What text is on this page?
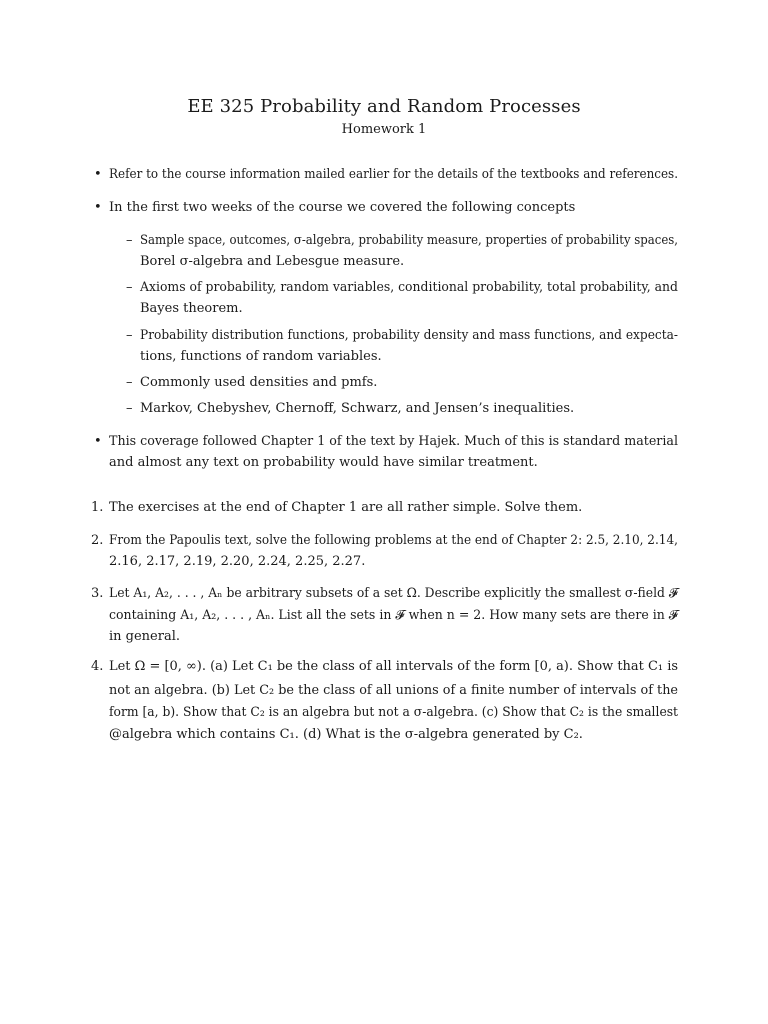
EE 325 Probability and Random Processes
Homework 1
• Refer to the course information mailed earlier for the details of the textbooks and references.
• In the first two weeks of the course we covered the following concepts
– Sample space, outcomes, σ-algebra, probability measure, properties of probability spaces,
Borel σ-algebra and Lebesgue measure.
– Axioms of probability, random variables, conditional probability, total probability, and
Bayes theorem.
– Probability distribution functions, probability density and mass functions, and expecta-
tions, functions of random variables.
– Commonly used densities and pmfs.
– Markov, Chebyshev, Chernoff, Schwarz, and Jensen’s inequalities.
• This coverage followed Chapter 1 of the text by Hajek. Much of this is standard material
and almost any text on probability would have similar treatment.
1. The exercises at the end of Chapter 1 are all rather simple. Solve them.
2. From the Papoulis text, solve the following problems at the end of Chapter 2: 2.5, 2.10, 2.14,
2.16, 2.17, 2.19, 2.20, 2.24, 2.25, 2.27.
3. Let A₁, A₂, . . . , Aₙ be arbitrary subsets of a set Ω. Describe explicitly the smallest σ-field 𝓕
containing A₁, A₂, . . . , Aₙ. List all the sets in 𝓕 when n = 2. How many sets are there in 𝓕
in general.
4. Let Ω = [0, ∞). (a) Let C₁ be the class of all intervals of the form [0, a). Show that C₁ is
not an algebra. (b) Let C₂ be the class of all unions of a finite number of intervals of the
form [a, b). Show that C₂ is an algebra but not a σ-algebra. (c) Show that C₂ is the smallest
@algebra which contains C₁. (d) What is the σ-algebra generated by C₂.
